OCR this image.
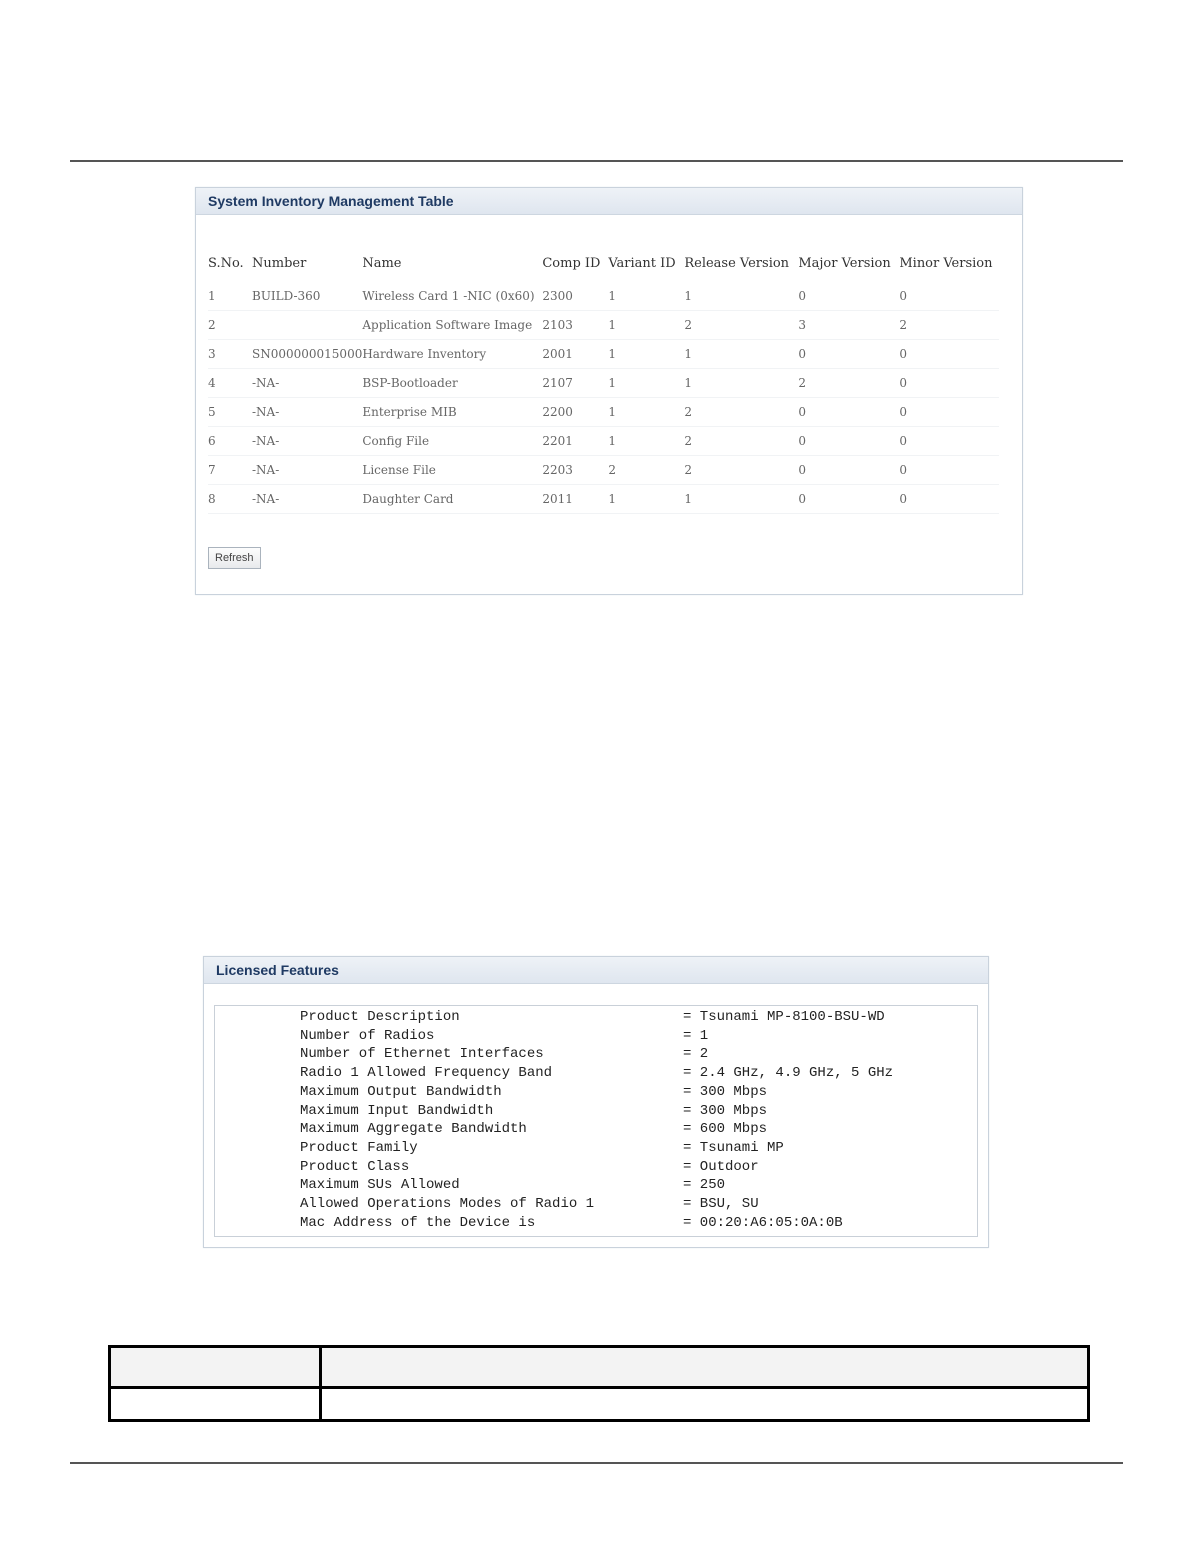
System Inventory Management Table
S.No.	Number	Name	Comp ID	Variant ID	Release Version	Major Version	Minor Version
1	BUILD-360	Wireless Card 1 -NIC (0x60)	2300	1	1	0	0
2		Application Software Image	2103	1	2	3	2
3	SN000000015000	Hardware Inventory	2001	1	1	0	0
4	-NA-	BSP-Bootloader	2107	1	1	2	0
5	-NA-	Enterprise MIB	2200	1	2	0	0
6	-NA-	Config File	2201	1	2	0	0
7	-NA-	License File	2203	2	2	0	0
8	-NA-	Daughter Card	2011	1	1	0	0
Refresh
Licensed Features
Product Description	= Tsunami MP-8100-BSU-WD
Number of Radios	= 1
Number of Ethernet Interfaces	= 2
Radio 1 Allowed Frequency Band	= 2.4 GHz, 4.9 GHz, 5 GHz
Maximum Output Bandwidth	= 300 Mbps
Maximum Input Bandwidth	= 300 Mbps
Maximum Aggregate Bandwidth	= 600 Mbps
Product Family	= Tsunami MP
Product Class	= Outdoor
Maximum SUs Allowed	= 250
Allowed Operations Modes of Radio 1	= BSU, SU
Mac Address of the Device is	= 00:20:A6:05:0A:0B
